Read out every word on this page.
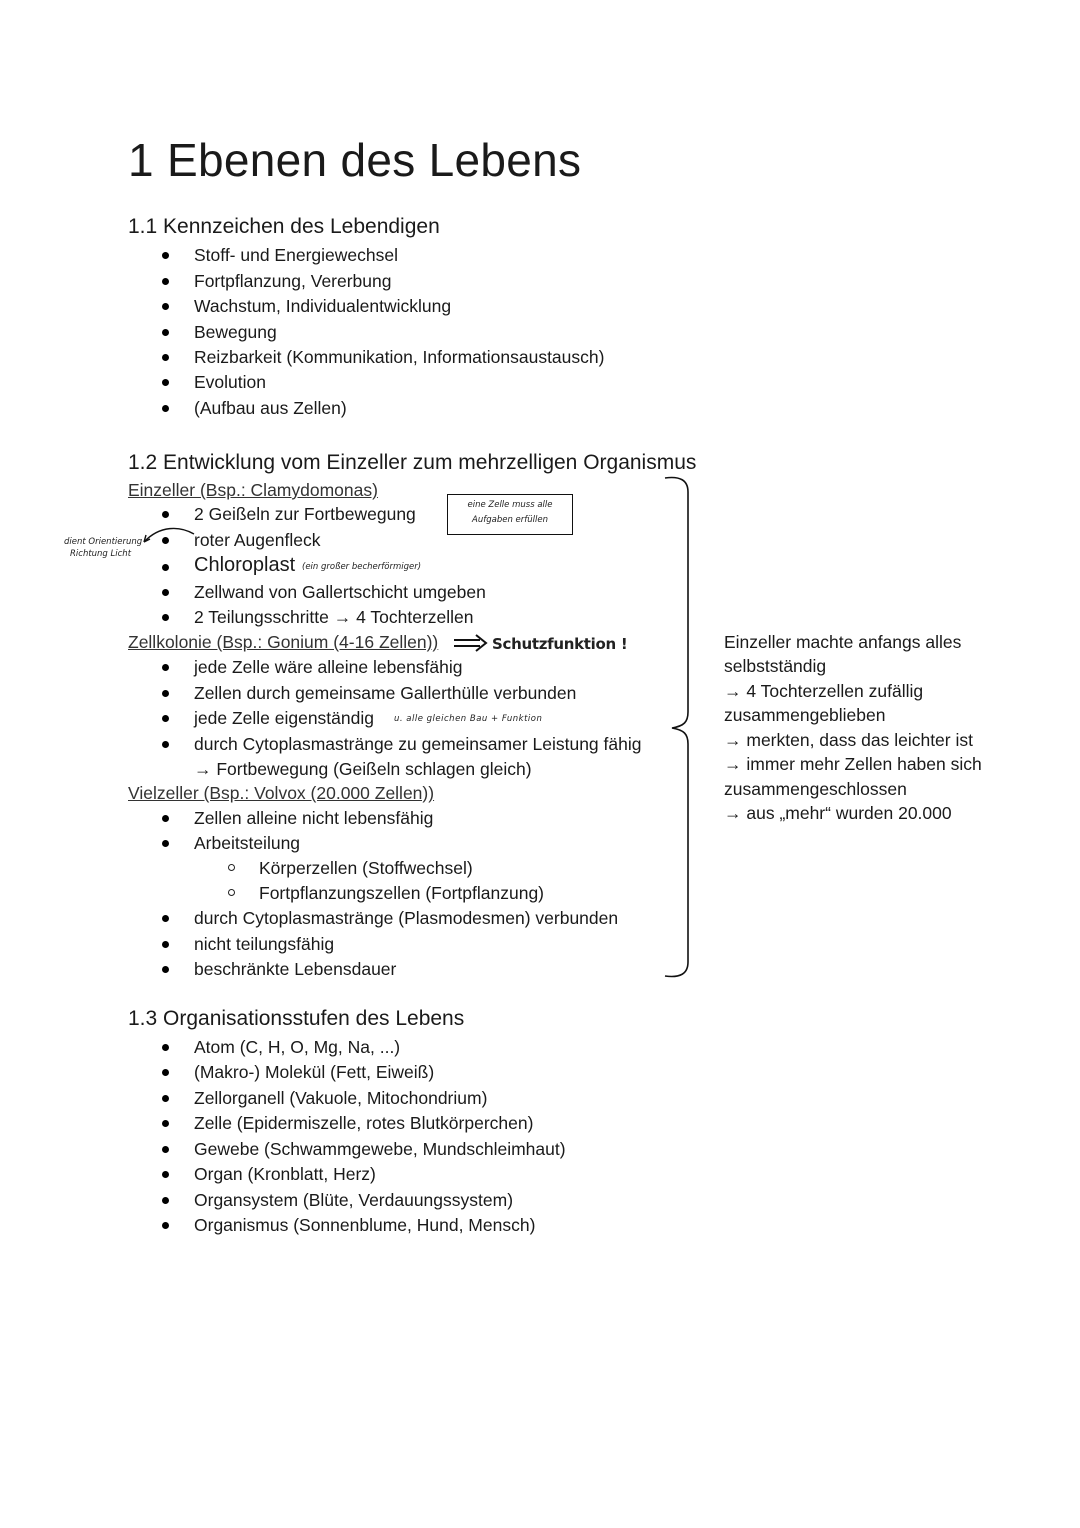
1 Ebenen des Lebens
1.1 Kennzeichen des Lebendigen
Stoff- und Energiewechsel
Fortpflanzung, Vererbung
Wachstum, Individualentwicklung
Bewegung
Reizbarkeit (Kommunikation, Informationsaustausch)
Evolution
(Aufbau aus Zellen)
1.2 Entwicklung vom Einzeller zum mehrzelligen Organismus
Einzeller (Bsp.: Clamydomonas)
2 Geißeln zur Fortbewegung	eine Zelle muss alle
Aufgaben erfüllen
dient Orientierung
Richtung Licht
roter Augenfleck
Chloroplast (ein großer becherförmiger)
Zellwand von Gallertschicht umgeben
2 Teilungsschritte → 4 Tochterzellen
Zellkolonie (Bsp.: Gonium (4-16 Zellen))	Schutzfunktion !
jede Zelle wäre alleine lebensfähig
Zellen durch gemeinsame Gallerthülle verbunden
jede Zelle eigenständig u. alle gleichen Bau + Funktion
durch Cytoplasmastränge zu gemeinsamer Leistung fähig
→ Fortbewegung (Geißeln schlagen gleich)
Vielzeller (Bsp.: Volvox (20.000 Zellen))
Zellen alleine nicht lebensfähig
Arbeitsteilung
Körperzellen (Stoffwechsel)
Fortpflanzungszellen (Fortpflanzung)
durch Cytoplasmastränge (Plasmodesmen) verbunden
nicht teilungsfähig
beschränkte Lebensdauer
Einzeller machte anfangs alles
selbstständig
→ 4 Tochterzellen zufällig
zusammengeblieben
→ merkten, dass das leichter ist
→ immer mehr Zellen haben sich
zusammengeschlossen
→ aus „mehr“ wurden 20.000
1.3 Organisationsstufen des Lebens
Atom (C, H, O, Mg, Na, ...)
(Makro-) Molekül (Fett, Eiweiß)
Zellorganell (Vakuole, Mitochondrium)
Zelle (Epidermiszelle, rotes Blutkörperchen)
Gewebe (Schwammgewebe, Mundschleimhaut)
Organ (Kronblatt, Herz)
Organsystem (Blüte, Verdauungssystem)
Organismus (Sonnenblume, Hund, Mensch)
